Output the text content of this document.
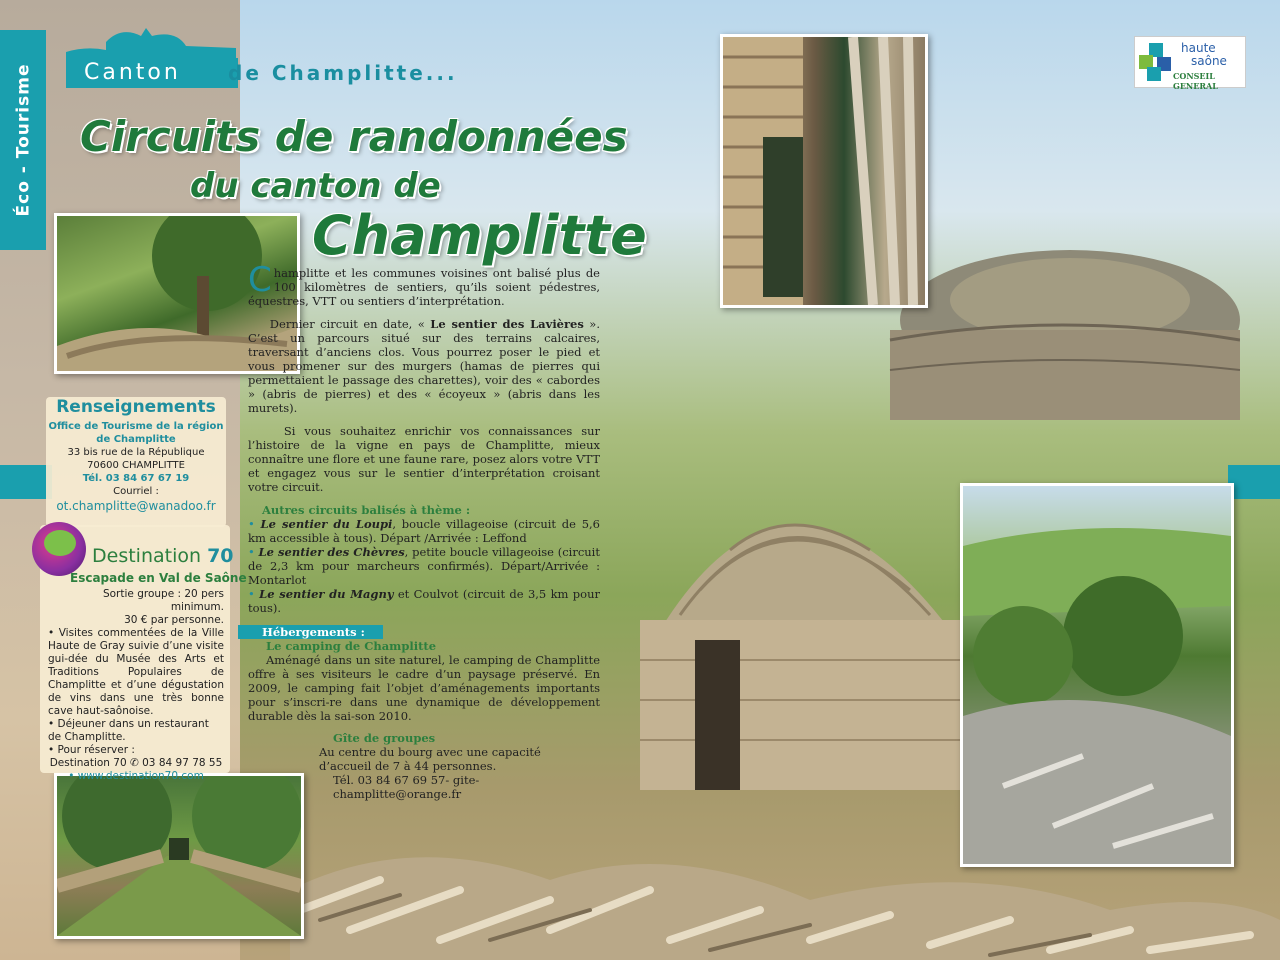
Éco - Tourisme Canton de Champlitte...
Circuits de randonnées
du canton de
Champlitte
haute
saône
CONSEIL GENERAL
Renseignements
Office de Tourisme de la région de Champlitte
33 bis rue de la République
70600 CHAMPLITTE
Tél. 03 84 67 67 19
Courriel :
ot.champlitte@wanadoo.fr
Destination 70
Escapade en Val de Saône
Sortie groupe : 20 pers minimum.
30 € par personne.
• Visites commentées de la Ville Haute de Gray suivie d’une visite gui-dée du Musée des Arts et Traditions Populaires de Champlitte et d’une dégustation de vins dans une très bonne cave haut-saônoise.
• Déjeuner dans un restaurant de Champlitte.
• Pour réserver :
Destination 70 ✆ 03 84 97 78 55
• www.destination70.com

Champlitte et les communes voisines ont balisé plus de 100 kilomètres de sentiers, qu’ils soient pédestres, équestres, VTT ou sentiers d’interprétation.

Dernier circuit en date, « Le sentier des Lavières ». C’est un parcours situé sur des terrains calcaires, traversant d’anciens clos. Vous pourrez poser le pied et vous promener sur des murgers (hamas de pierres qui permettaient le passage des charettes), voir des « cabordes » (abris de pierres) et des « écoyeux » (abris dans les murets).

Si vous souhaitez enrichir vos connaissances sur l’histoire de la vigne en pays de Champlitte, mieux connaître une flore et une faune rare, posez alors votre VTT et engagez vous sur le sentier d’interprétation croisant votre circuit.

Autres circuits balisés à thème :
• Le sentier du Loupi, boucle villageoise (circuit de 5,6 km accessible à tous). Départ /Arrivée : Leffond
• Le sentier des Chèvres, petite boucle villageoise (circuit de 2,3 km pour marcheurs confirmés). Départ/Arrivée : Montarlot
• Le sentier du Magny et Coulvot (circuit de 3,5 km pour tous).
Hébergements :
Le camping de Champlitte
Aménagé dans un site naturel, le camping de Champlitte offre à ses visiteurs le cadre d’un paysage préservé. En 2009, le camping fait l’objet d’aménagements importants pour s’inscri-re dans une dynamique de développement durable dès la sai-son 2010.
Gîte de groupes
Au centre du bourg avec une capacité d’accueil de 7 à 44 personnes.
Tél. 03 84 67 69 57- gite-champlitte@orange.fr
